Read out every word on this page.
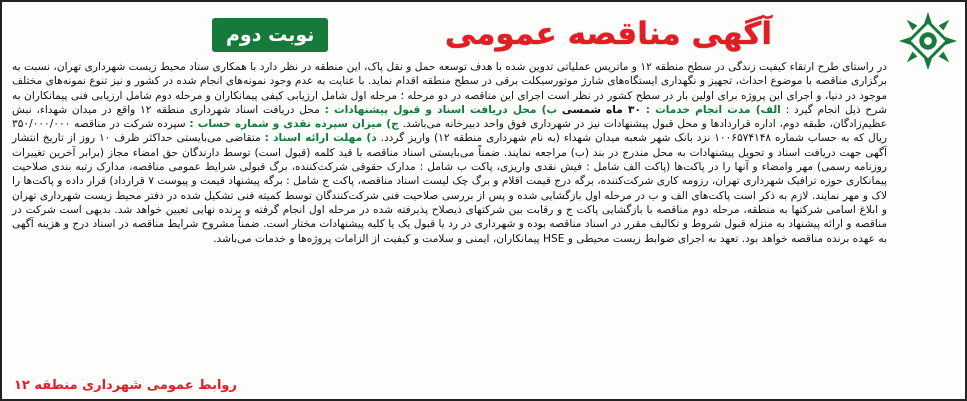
آگهی مناقصه عمومی
نوبت دوم

در راستای طرح ارتقاء کیفیت زندگی در سطح منطقه ۱۲ و ماتریس عملیاتی تدوین شده با هدف توسعه حمل و نقل پاک، این منطقه در نظر دارد با همکاری ستاد محیط زیست شهرداری تهران، نسبت به برگزاری مناقصه با موضوع احداث، تجهیز و نگهداری ایستگاه‌های شارژ موتورسیکلت برقی در سطح منطقه اقدام نماید. با عنایت به عدم وجود نمونه‌های انجام شده در کشور و نیز تنوع نمونه‌های مختلف موجود در دنیا، و اجرای این پروژه برای اولین بار در سطح کشور در نظر است اجرای این مناقصه در دو مرحله ؛ مرحله اول شامل ارزیابی کیفی پیمانکاران و مرحله دوم شامل ارزیابی فنی پیمانکاران به شرح ذیل انجام گیرد : الف) مدت انجام خدمات : ۳۰ ماه شمسی ب) محل دریافت اسناد و قبول پیشنهادات : محل دریافت اسناد شهرداری منطقه ۱۲ واقع در میدان شهداء، نبش عظیم‌زادگان، طبقه دوم، اداره قراردادها و محل قبول پیشنهادات نیز در شهرداری فوق واحد دبیرخانه می‌باشد. ج) میزان سپرده نقدی و شماره حساب : سپرده شرکت در مناقصه ۳۵۰/۰۰۰/۰۰۰ ریال که به حساب شماره ۱۰۰۶۵۷۴۱۴۸ نزد بانک شهر شعبه میدان شهداء (به نام شهرداری منطقه ۱۲) واریز گردد. د) مهلت ارائه اسناد : متقاضی می‌بایستی حداکثر ظرف ۱۰ روز از تاریخ انتشار آگهی جهت دریافت اسناد و تحویل پیشنهادات به محل مندرج در بند (ب) مراجعه نمایند. ضمناً می‌بایستی اسناد مناقصه با قید کلمه (قبول است) توسط دارندگان حق امضاء مجاز (برابر آخرین تغییرات روزنامه رسمی) مهر وامضاء و آنها را در پاکت‌ها (پاکت الف شامل : فیش نقدی واریزی، پاکت ب شامل : مدارک حقوقی شرکت‌کننده، برگ قبولی شرایط عمومی مناقصه، مدارک رتبه بندی صلاحیت پیمانکاری حوزه ترافیک شهرداری تهران، رزومه کاری شرکت‌کننده، برگه درج قیمت اقلام و برگ چک لیست اسناد مناقصه، پاکت ج شامل : برگه پیشنهاد قیمت و پیوست ۷ قرارداد) قرار داده و پاکت‌ها را لاک و مهر نمایند. لازم به ذکر است پاکت‌های الف و ب در مرحله اول بازگشایی شده و پس از بررسی صلاحیت فنی شرکت‌کنندگان توسط کمیته فنی تشکیل شده در دفتر محیط زیست شهرداری تهران و ابلاغ اسامی شرکتها به منطقه، مرحله دوم مناقصه با بازگشایی پاکت ج و رقابت بین شرکتهای ذیصلاح پذیرفته شده در مرحله اول انجام گرفته و برنده نهایی تعیین خواهد شد. بدیهی است شرکت در مناقصه و ارائه پیشنهاد به منزله قبول شروط و تکالیف مقرر در اسناد مناقصه بوده و شهرداری در رد یا قبول یک یا کلیه پیشنهادات مختار است. ضمناً مشروح شرایط مناقصه در اسناد درج و هزینه آگهی به عهده برنده مناقصه خواهد بود. تعهد به اجرای ضوابط زیست محیطی و HSE پیمانکاران، ایمنی و سلامت و کیفیت از الزامات پروژه‌ها و خدمات می‌باشد.

روابط عمومی شهرداری منطقه ۱۲
